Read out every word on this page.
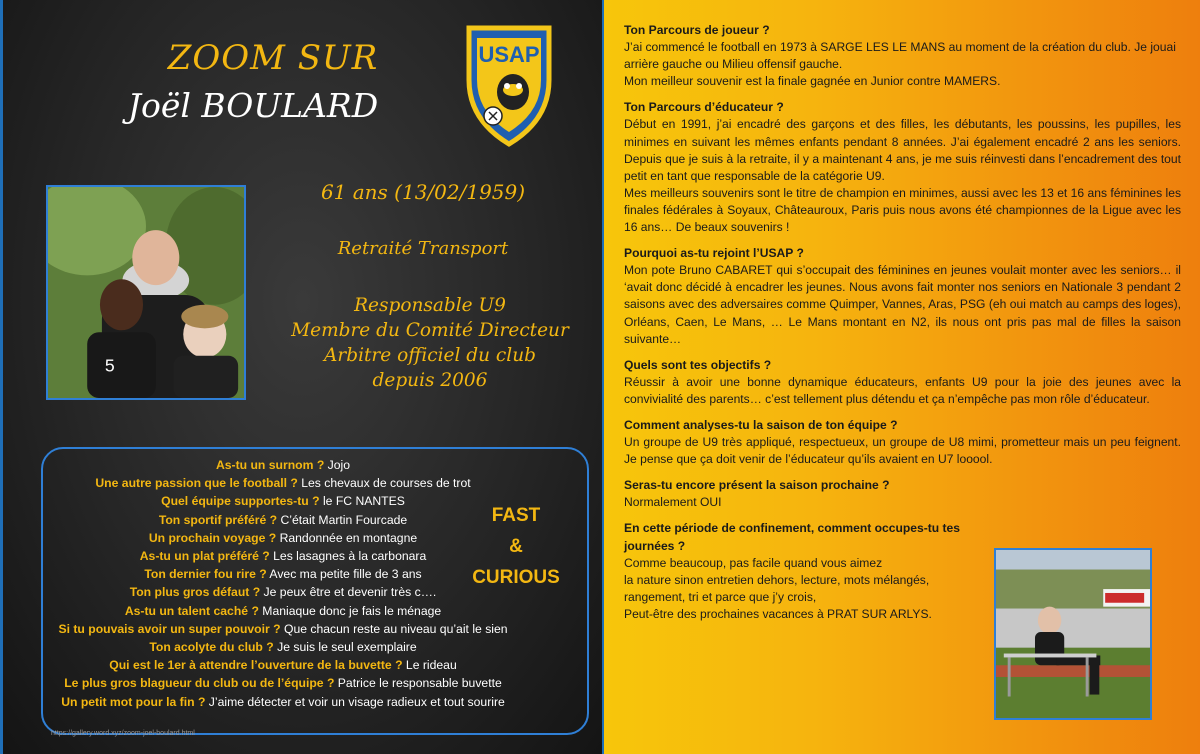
ZOOM SUR
Joël BOULARD
USAP
5
61 ans (13/02/1959)
Retraité Transport
Responsable U9
Membre du Comité Directeur
Arbitre officiel du club
depuis 2006
As-tu un surnom ? Jojo
Une autre passion que le football ? Les chevaux de courses de trot
Quel équipe supportes-tu ? le FC NANTES
Ton sportif préféré ? C’était Martin Fourcade
Un prochain voyage ? Randonnée en montagne
As-tu un plat préféré ? Les lasagnes à la carbonara
Ton dernier fou rire ? Avec ma petite fille de 3 ans
Ton plus gros défaut ? Je peux être et devenir très c….
As-tu un talent caché ? Maniaque donc je fais le ménage
Si tu pouvais avoir un super pouvoir ? Que chacun reste au niveau qu’ait le sien
Ton acolyte du club ? Je suis le seul exemplaire
Qui est le 1er à attendre l’ouverture de la buvette ? Le rideau
Le plus gros blagueur du club ou de l’équipe ? Patrice le responsable buvette
Un petit mot pour la fin ? J’aime détecter et voir un visage radieux et tout sourire
FAST
&
CURIOUS
https://gallery.word.xyz/zoom-joel-boulard.html
Ton Parcours de joueur ?
J’ai commencé le football en 1973 à SARGE LES LE MANS au moment de la création du club. Je jouai arrière gauche ou Milieu offensif gauche.
Mon meilleur souvenir est la finale gagnée en Junior contre MAMERS.
Ton Parcours d’éducateur ?
Début en 1991, j’ai encadré des garçons et des filles, les débutants, les poussins, les pupilles, les minimes en suivant les mêmes enfants pendant 8 années. J’ai également encadré 2 ans les seniors. Depuis que je suis à la retraite, il y a maintenant 4 ans, je me suis réinvesti dans l’encadrement des tout petit en tant que responsable de la catégorie U9.
Mes meilleurs souvenirs sont le titre de champion en minimes, aussi avec les 13 et 16 ans féminines les finales fédérales à Soyaux, Châteauroux, Paris puis nous avons été championnes de la Ligue avec les 16 ans… De beaux souvenirs !
Pourquoi as-tu rejoint l’USAP ?
Mon pote Bruno CABARET qui s’occupait des féminines en jeunes voulait monter avec les seniors… il ‘avait donc décidé à encadrer les jeunes. Nous avons fait monter nos seniors en Nationale 3 pendant 2 saisons avec des adversaires comme Quimper, Vannes, Aras, PSG (eh oui match au camps des loges), Orléans, Caen, Le Mans, … Le Mans montant en N2, ils nous ont pris pas mal de filles la saison suivante…
Quels sont tes objectifs ?
Réussir à avoir une bonne dynamique éducateurs, enfants U9 pour la joie des jeunes avec la convivialité des parents… c’est tellement plus détendu et ça n’empêche pas mon rôle d’éducateur.
Comment analyses-tu la saison de ton équipe ?
Un groupe de U9 très appliqué, respectueux, un groupe de U8 mimi, prometteur mais un peu feignent. Je pense que ça doit venir de l’éducateur qu’ils avaient en U7 looool.
Seras-tu encore présent la saison prochaine ?
Normalement OUI
En cette période de confinement, comment occupes-tu tes journées ?
Comme beaucoup, pas facile quand vous aimez
la nature sinon entretien dehors, lecture, mots mélangés, rangement, tri et parce que j’y crois,
Peut-être des prochaines vacances à PRAT SUR ARLYS.
